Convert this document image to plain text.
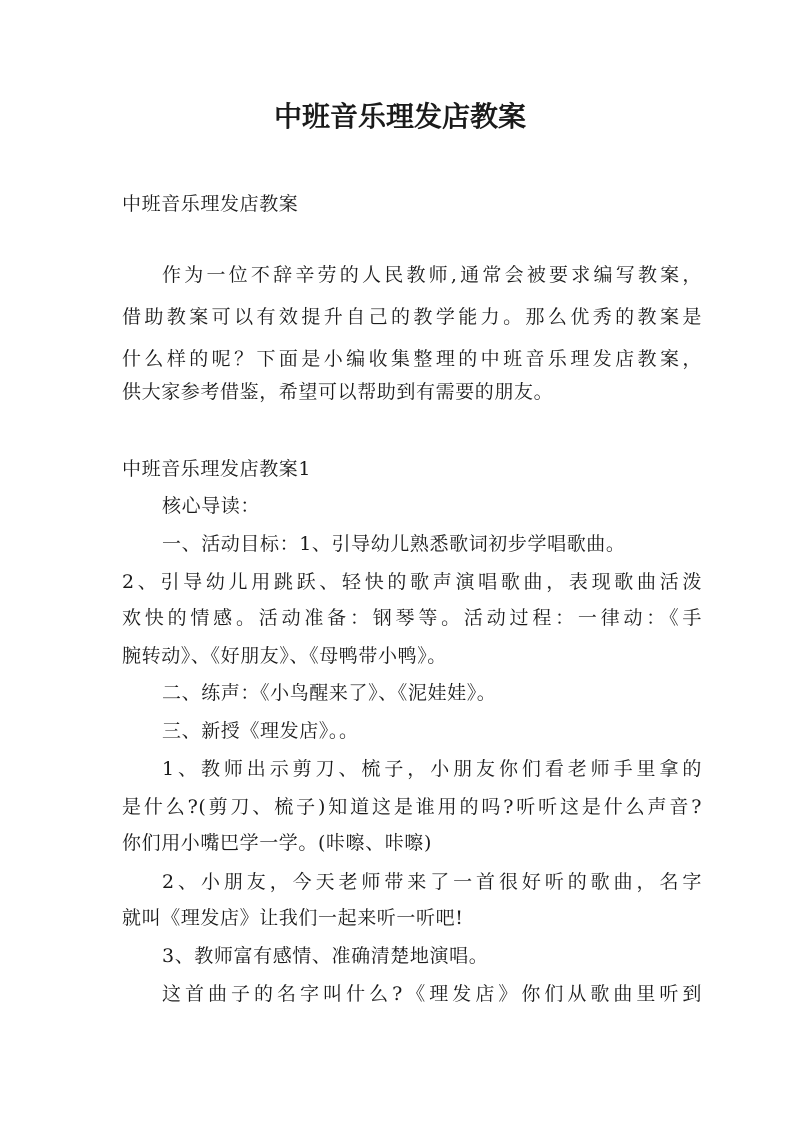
中班音乐理发店教案

中班音乐理发店教案

作为一位不辞辛劳的人民教师,通常会被要求编写教案，

借助教案可以有效提升自己的教学能力。那么优秀的教案是

什么样的呢？下面是小编收集整理的中班音乐理发店教案，

供大家参考借鉴，希望可以帮助到有需要的朋友。

中班音乐理发店教案1

核心导读：

一、活动目标：1、引导幼儿熟悉歌词初步学唱歌曲。

2、引导幼儿用跳跃、轻快的歌声演唱歌曲，表现歌曲活泼

欢快的情感。活动准备：钢琴等。活动过程：一律动：《手

腕转动》、《好朋友》、《母鸭带小鸭》。

二、练声：《小鸟醒来了》、《泥娃娃》。

三、新授《理发店》。。

1、教师出示剪刀、梳子，小朋友你们看老师手里拿的

是什么?(剪刀、梳子)知道这是谁用的吗?听听这是什么声音?

你们用小嘴巴学一学。(咔嚓、咔嚓)

2、小朋友，今天老师带来了一首很好听的歌曲，名字

就叫《理发店》让我们一起来听一听吧!

3、教师富有感情、准确清楚地演唱。

这首曲子的名字叫什么?《理发店》你们从歌曲里听到
